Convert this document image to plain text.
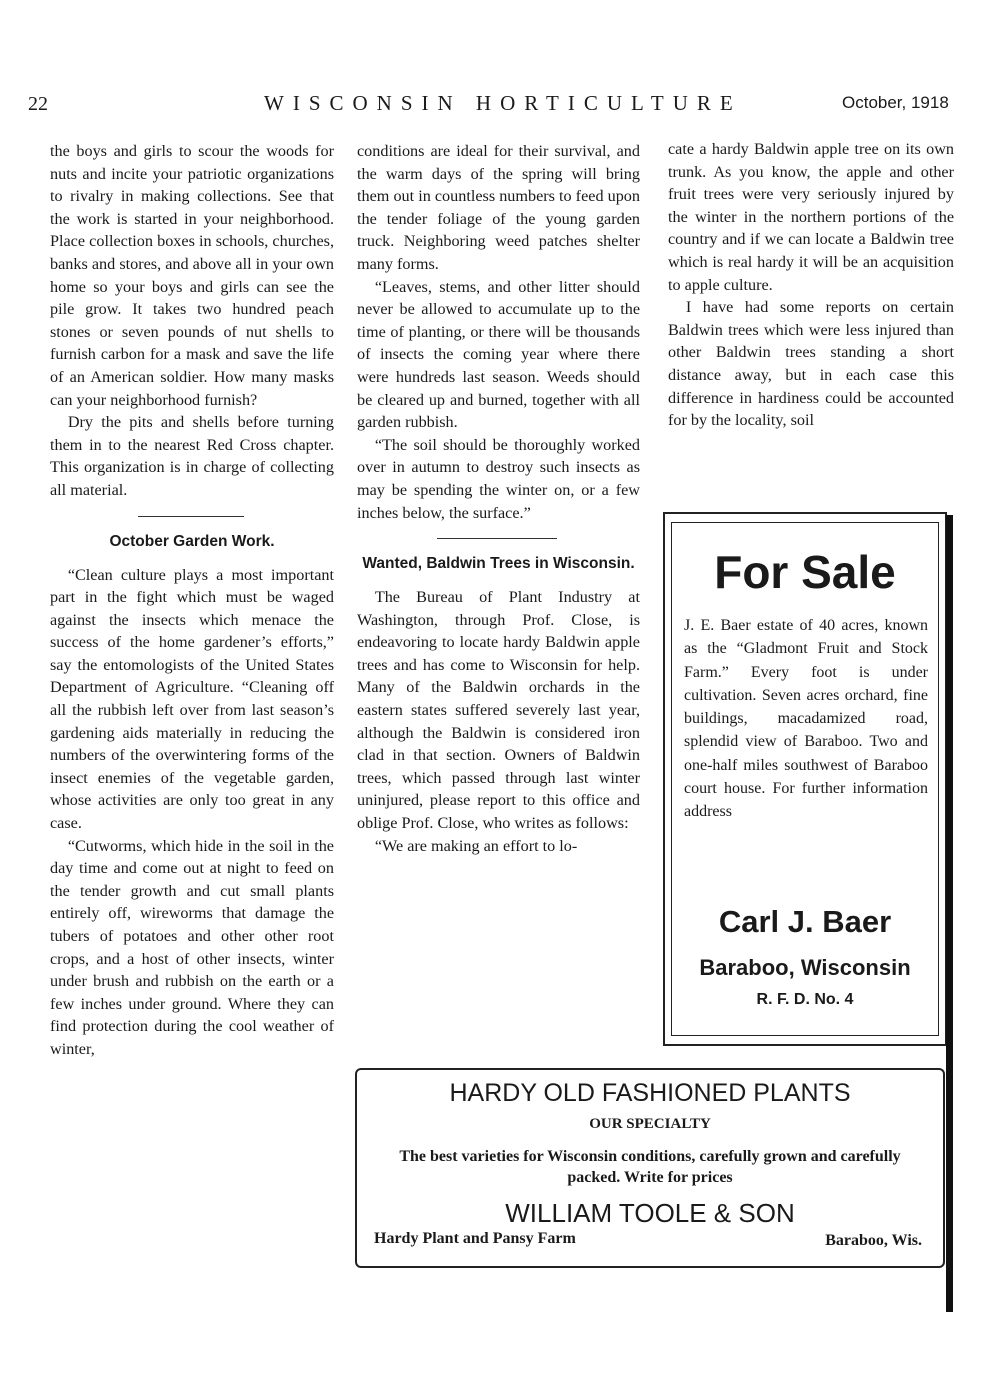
22	WISCONSIN HORTICULTURE	October, 1918

the boys and girls to scour the woods for nuts and incite your patriotic organizations to rivalry in making collections. See that the work is started in your neighborhood. Place collection boxes in schools, churches, banks and stores, and above all in your own home so your boys and girls can see the pile grow. It takes two hundred peach stones or seven pounds of nut shells to furnish carbon for a mask and save the life of an American soldier. How many masks can your neighborhood furnish?

Dry the pits and shells before turning them in to the nearest Red Cross chapter. This organization is in charge of collecting all material.

October Garden Work.

“Clean culture plays a most important part in the fight which must be waged against the insects which menace the success of the home gardener’s efforts,” say the entomologists of the United States Department of Agriculture. “Cleaning off all the rubbish left over from last season’s gardening aids materially in reducing the numbers of the overwintering forms of the insect enemies of the vegetable garden, whose activities are only too great in any case.

“Cutworms, which hide in the soil in the day time and come out at night to feed on the tender growth and cut small plants entirely off, wireworms that damage the tubers of potatoes and other other root crops, and a host of other insects, winter under brush and rubbish on the earth or a few inches under ground. Where they can find protection during the cool weather of winter,

conditions are ideal for their survival, and the warm days of the spring will bring them out in countless numbers to feed upon the tender foliage of the young garden truck. Neighboring weed patches shelter many forms.

“Leaves, stems, and other litter should never be allowed to accumulate up to the time of planting, or there will be thousands of insects the coming year where there were hundreds last season. Weeds should be cleared up and burned, together with all garden rubbish.

“The soil should be thoroughly worked over in autumn to destroy such insects as may be spending the winter on, or a few inches below, the surface.”

Wanted, Baldwin Trees in Wisconsin.

The Bureau of Plant Industry at Washington, through Prof. Close, is endeavoring to locate hardy Baldwin apple trees and has come to Wisconsin for help. Many of the Baldwin orchards in the eastern states suffered severely last year, although the Baldwin is considered iron clad in that section. Owners of Baldwin trees, which passed through last winter uninjured, please report to this office and oblige Prof. Close, who writes as follows:

“We are making an effort to lo-

cate a hardy Baldwin apple tree on its own trunk. As you know, the apple and other fruit trees were very seriously injured by the winter in the northern portions of the country and if we can locate a Baldwin tree which is real hardy it will be an acquisition to apple culture.

I have had some reports on certain Baldwin trees which were less injured than other Baldwin trees standing a short distance away, but in each case this difference in hardiness could be accounted for by the locality, soil

For Sale
J. E. Baer estate of 40 acres, known as the “Gladmont Fruit and Stock Farm.” Every foot is under cultivation. Seven acres orchard, fine buildings, macadamized road, splendid view of Baraboo. Two and one-half miles southwest of Baraboo court house. For further information address
Carl J. Baer
Baraboo, Wisconsin
R. F. D. No. 4
HARDY OLD FASHIONED PLANTS
OUR SPECIALTY
The best varieties for Wisconsin conditions, carefully grown and carefully packed. Write for prices
WILLIAM TOOLE & SON
Hardy Plant and Pansy Farm	Baraboo, Wis.
